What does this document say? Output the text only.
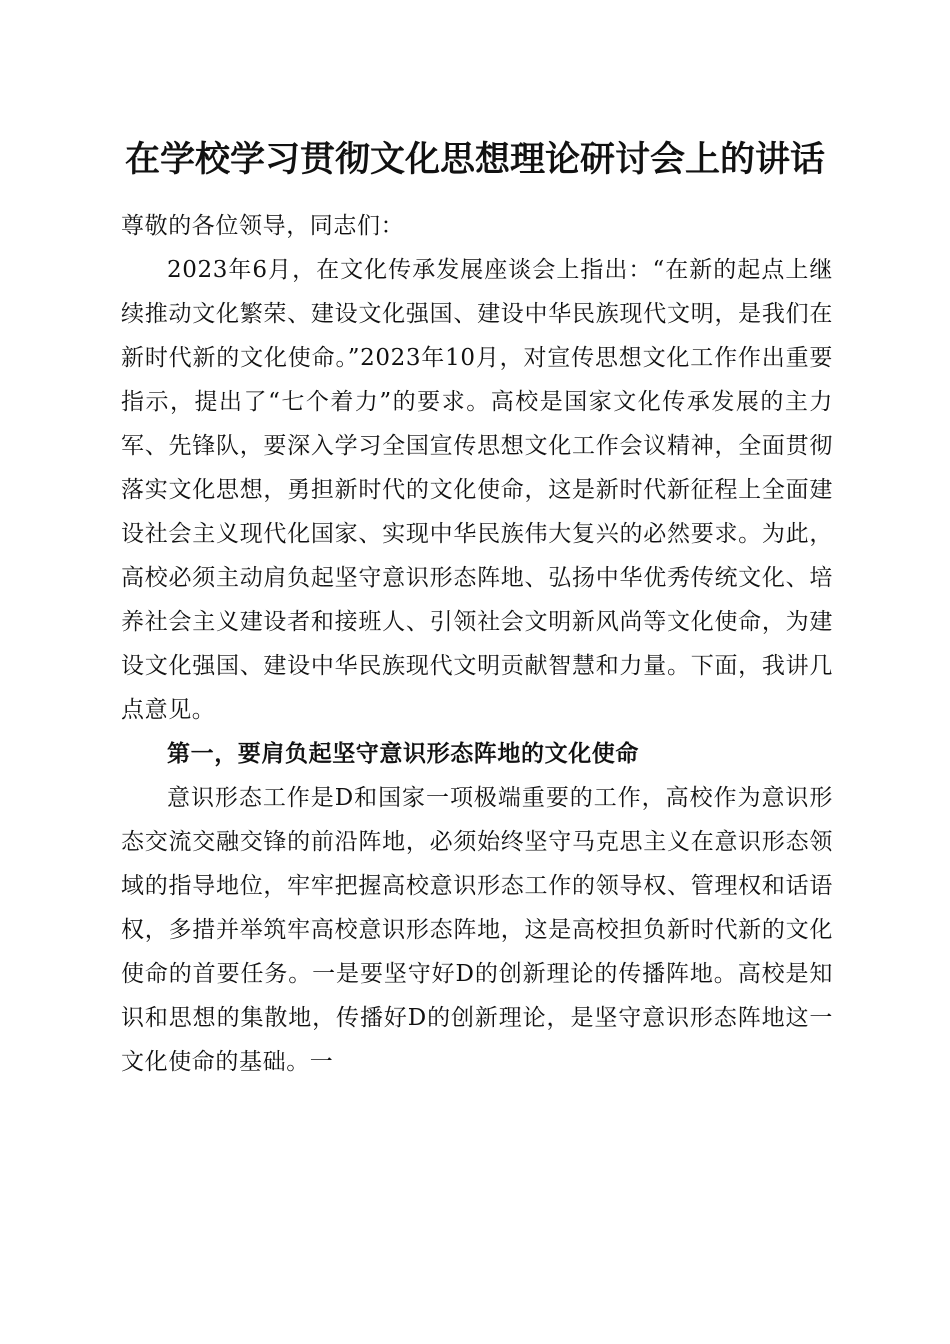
在学校学习贯彻文化思想理论研讨会上的讲话

尊敬的各位领导，同志们：

2023年6月，在文化传承发展座谈会上指出：“在新的起点上继续推动文化繁荣、建设文化强国、建设中华民族现代文明，是我们在新时代新的文化使命。”2023年10月，对宣传思想文化工作作出重要指示，提出了“七个着力”的要求。高校是国家文化传承发展的主力军、先锋队，要深入学习全国宣传思想文化工作会议精神，全面贯彻落实文化思想，勇担新时代的文化使命，这是新时代新征程上全面建设社会主义现代化国家、实现中华民族伟大复兴的必然要求。为此，高校必须主动肩负起坚守意识形态阵地、弘扬中华优秀传统文化、培养社会主义建设者和接班人、引领社会文明新风尚等文化使命，为建设文化强国、建设中华民族现代文明贡献智慧和力量。下面，我讲几点意见。

第一，要肩负起坚守意识形态阵地的文化使命

意识形态工作是D和国家一项极端重要的工作，高校作为意识形态交流交融交锋的前沿阵地，必须始终坚守马克思主义在意识形态领域的指导地位，牢牢把握高校意识形态工作的领导权、管理权和话语权，多措并举筑牢高校意识形态阵地，这是高校担负新时代新的文化使命的首要任务。一是要坚守好D的创新理论的传播阵地。高校是知识和思想的集散地，传播好D的创新理论，是坚守意识形态阵地这一文化使命的基础。一
